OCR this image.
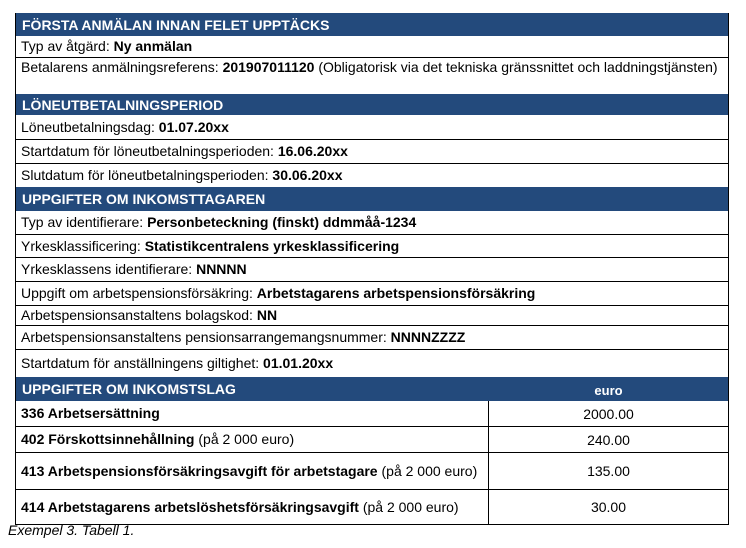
FÖRSTA ANMÄLAN INNAN FELET UPPTÄCKS
Typ av åtgärd:
Ny anmälan
Betalarens anmälningsreferens: 201907011120 (Obligatorisk via det tekniska gränssnittet och laddningstjänsten)
LÖNEUTBETALNINGSPERIOD
Löneutbetalningsdag:
01.07.20xx
Startdatum för löneutbetalningsperioden:
16.06.20xx
Slutdatum för löneutbetalningsperioden:
30.06.20xx
UPPGIFTER OM INKOMSTTAGAREN
Typ av identifierare:
Personbeteckning (finskt) ddmmåå-1234
Yrkesklassificering:
Statistikcentralens yrkesklassificering
Yrkesklassens identifierare:
NNNNN
Uppgift om arbetspensionsförsäkring:
Arbetstagarens arbetspensionsförsäkring
Arbetspensionsanstaltens bolagskod:
NN
Arbetspensionsanstaltens pensionsarrangemangsnummer:
NNNNZZZZ
Startdatum för anställningens giltighet:
01.01.20xx
UPPGIFTER OM INKOMSTSLAG	euro
336 Arbetsersättning	2000.00
402 Förskottsinnehållning (på 2 000 euro)	240.00
413 Arbetspensionsförsäkringsavgift för arbetstagare (på 2 000 euro)	135.00
414 Arbetstagarens arbetslöshetsförsäkringsavgift (på 2 000 euro)	30.00
Exempel 3. Tabell 1.
